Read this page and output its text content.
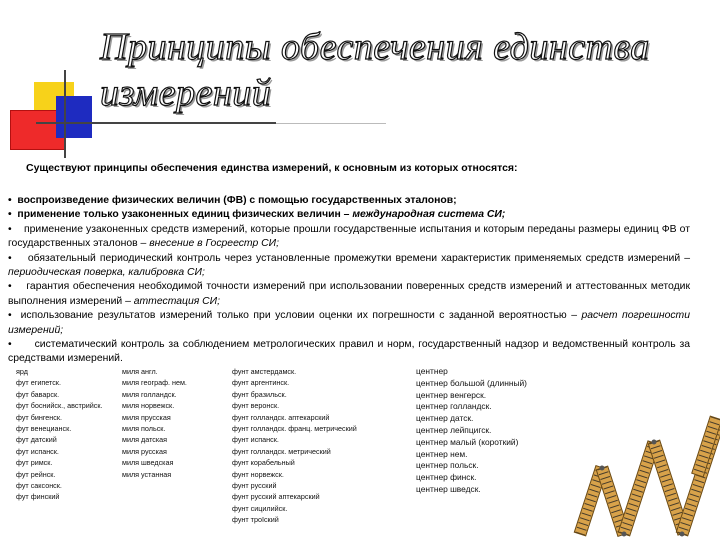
Принципы обеспечения единства измерений
Существуют принципы обеспечения единства измерений, к основным из которых относятся:

• воспроизведение физических величин (ФВ) с помощью государственных эталонов;

• применение только узаконенных единиц физических величин – международная система СИ;

• применение узаконенных средств измерений, которые прошли государственные испытания и которым переданы размеры единиц ФВ от государственных эталонов – внесение в Госреестр СИ;

• обязательный периодический контроль через установленные промежутки времени характеристик применяемых средств измерений – периодическая поверка, калибровка СИ;

• гарантия обеспечения необходимой точности измерений при использовании поверенных средств измерений и аттестованных методик выполнения измерений – аттестация СИ;

• использование результатов измерений только при условии оценки их погрешности с заданной вероятностью – расчет погрешности измерений;

• систематический контроль за соблюдением метрологических правил и норм, государственный надзор и ведомственный контроль за средствами измерений.

ярд
фут египетск.
фут баварск.
фут боснийск., австрийск.
фут бингенск.
фут венецианск.
фут датский
фут испанск.
фут римск.
фут рейнск.
фут саксонск.
фут финский
миля англ.
миля географ. нем.
миля голландск.
миля норвежск.
миля прусская
миля польск.
миля датская
миля русская
миля шведская
миля устанная
фунт амстердамск.
фунт аргентинск.
фунт бразильск.
фунт веронск.
фунт голландск. аптекарский
фунт голландск. франц. метрический
фунт испанск.
фунт голландск. метрический
фунт корабельный
фунт норвежск.
фунт русский
фунт русский аптекарский
фунт сицилийск.
фунт троїский
центнер
центнер большой (длинный)
центнер венгерск.
центнер голландск.
центнер датск.
центнер лейпцигск.
центнер малый (короткий)
центнер нем.
центнер польск.
центнер финск.
центнер шведск.
